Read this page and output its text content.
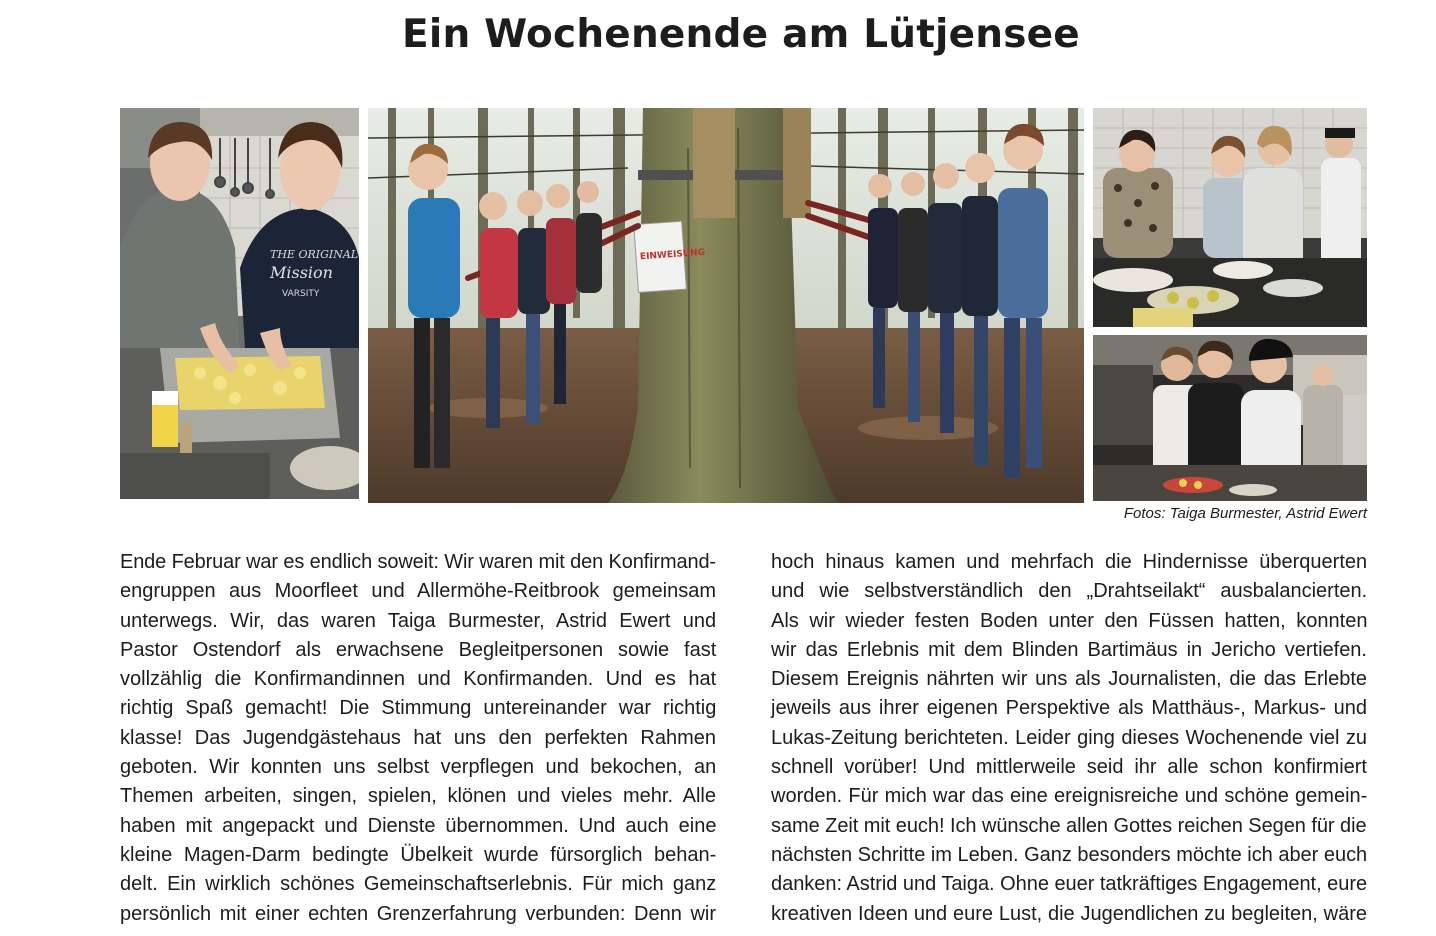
Ein Wochenende am Lütjensee
THE ORIGINAL
Mission
VARSITY
EINWEISUNG
Fotos: Taiga Burmester, Astrid Ewert
Ende Februar war es endlich soweit: Wir waren mit den Konfirmand-
engruppen aus Moorfleet und Allermöhe-Reitbrook gemeinsam
unterwegs. Wir, das waren Taiga Burmester, Astrid Ewert und
Pastor Ostendorf als erwachsene Begleitpersonen sowie fast
vollzählig die Konfirmandinnen und Konfirmanden. Und es hat
richtig Spaß gemacht! Die Stimmung untereinander war richtig
klasse! Das Jugendgästehaus hat uns den perfekten Rahmen
geboten. Wir konnten uns selbst verpflegen und bekochen, an
Themen arbeiten, singen, spielen, klönen und vieles mehr. Alle
haben mit angepackt und Dienste übernommen. Und auch eine
kleine Magen-Darm bedingte Übelkeit wurde fürsorglich behan-
delt. Ein wirklich schönes Gemeinschaftserlebnis. Für mich ganz
persönlich mit einer echten Grenzerfahrung verbunden: Denn wir
hoch hinaus kamen und mehrfach die Hindernisse überquerten
und wie selbstverständlich den „Drahtseilakt“ ausbalancierten.
Als wir wieder festen Boden unter den Füssen hatten, konnten
wir das Erlebnis mit dem Blinden Bartimäus in Jericho vertiefen.
Diesem Ereignis nährten wir uns als Journalisten, die das Erlebte
jeweils aus ihrer eigenen Perspektive als Matthäus-, Markus- und
Lukas-Zeitung berichteten. Leider ging dieses Wochenende viel zu
schnell vorüber! Und mittlerweile seid ihr alle schon konfirmiert
worden. Für mich war das eine ereignisreiche und schöne gemein-
same Zeit mit euch! Ich wünsche allen Gottes reichen Segen für die
nächsten Schritte im Leben. Ganz besonders möchte ich aber euch
danken: Astrid und Taiga. Ohne euer tatkräftiges Engagement, eure
kreativen Ideen und eure Lust, die Jugendlichen zu begleiten, wäre
